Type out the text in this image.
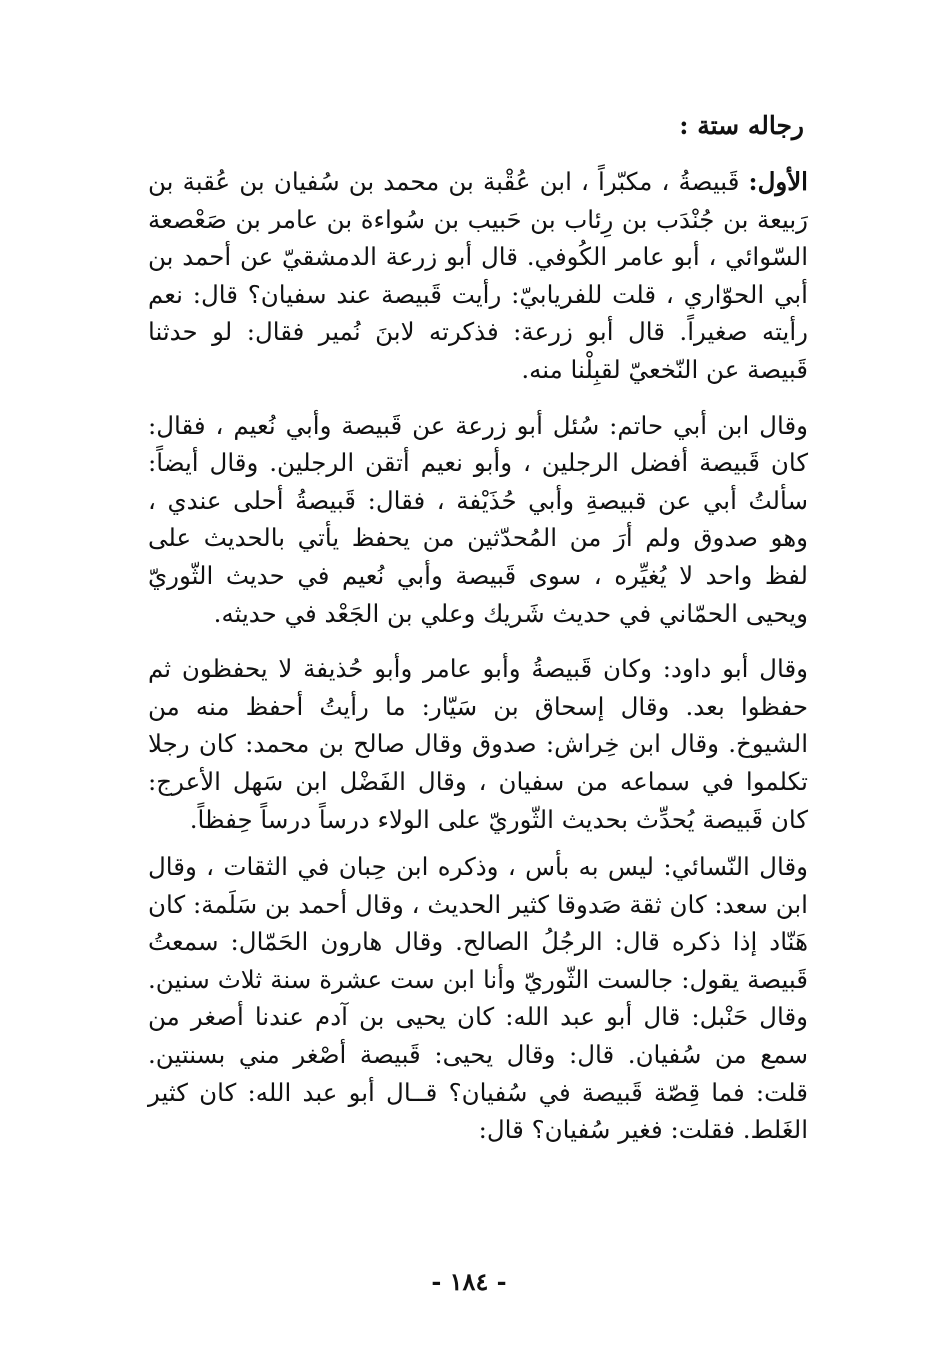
رجاله ستة :

الأول: قَبيصةُ ، مكبّراً ، ابن عُقْبة بن محمد بن سُفيان بن عُقبة بن رَبيعة بن جُنْدَب بن رِئاب بن حَبيب بن سُواءة بن عامر بن صَعْصعة السّوائي ، أبو عامر الكُوفي. قال أبو زرعة الدمشقيّ عن أحمد بن أبي الحوّاري ، قلت للفريابيّ: رأيت قَبيصة عند سفيان؟ قال: نعم رأيته صغيراً. قال أبو زرعة: فذكرته لابنَ نُمير فقال: لو حدثنا قَبيصة عن النّخعيّ لقبِلْنا منه.

وقال ابن أبي حاتم: سُئل أبو زرعة عن قَبيصة وأبي نُعيم ، فقال: كان قَبيصة أفضل الرجلين ، وأبو نعيم أتقن الرجلين. وقال أيضاً: سألتُ أبي عن قبيصةِ وأبي حُذَيْفة ، فقال: قَبيصةُ أحلى عندي ، وهو صدوق ولم أرَ من المُحدّثين من يحفظ يأتي بالحديث على لفظ واحد لا يُغيِّره ، سوى قَبيصة وأبي نُعيم في حديث الثّوريّ ويحيى الحمّاني في حديث شَريك وعلي بن الجَعْد في حديثه.

وقال أبو داود: وكان قَبيصةُ وأبو عامر وأبو حُذيفة لا يحفظون ثم حفظوا بعد. وقال إسحاق بن سَيّار: ما رأيتُ أحفظ منه من الشيوخ. وقال ابن خِراش: صدوق وقال صالح بن محمد: كان رجلا تكلموا في سماعه من سفيان ، وقال الفَضْل ابن سَهل الأعرج: كان قَبيصة يُحدِّث بحديث الثّوريّ على الولاء درساً درساً حِفظاً.

وقال النّسائي: ليس به بأس ، وذكره ابن حِبان في الثقات ، وقال ابن سعد: كان ثقة صَدوقا كثير الحديث ، وقال أحمد بن سَلَمة: كان هَنّاد إذا ذكره قال: الرجُلُ الصالح. وقال هارون الحَمّال: سمعتُ قَبيصة يقول: جالست الثّوريّ وأنا ابن ست عشرة سنة ثلاث سنين. وقال حَنْبل: قال أبو عبد الله: كان يحيى بن آدم عندنا أصغر من سمع من سُفيان. قال: وقال يحيى: قَبيصة أصْغر مني بسنتين. قلت: فما قِصّة قَبيصة في سُفيان؟ قــال أبو عبد الله: كان كثير الغَلط. فقلت: فغير سُفيان؟ قال:

- ١٨٤ -
